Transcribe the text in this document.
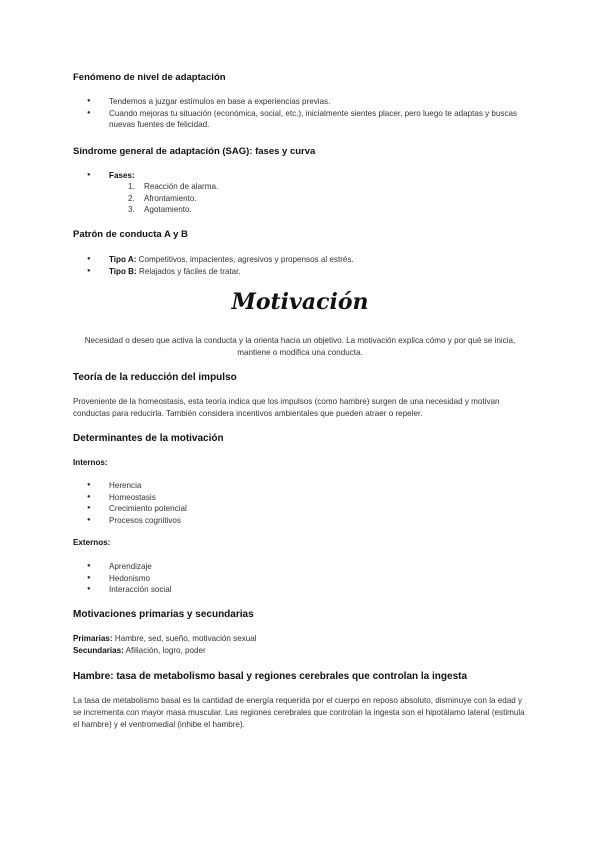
Fenómeno de nivel de adaptación

● Tendemos a juzgar estímulos en base a experiencias previas.
● Cuando mejoras tu situación (económica, social, etc.), inicialmente sientes placer, pero luego te adaptas y buscas nuevas fuentes de felicidad.

Síndrome general de adaptación (SAG): fases y curva

● Fases:
1. Reacción de alarma.
2. Afrontamiento.
3. Agotamiento.

Patrón de conducta A y B

● Tipo A: Competitivos, impacientes, agresivos y propensos al estrés.
● Tipo B: Relajados y fáciles de tratar.
Motivación

Necesidad o deseo que activa la conducta y la orienta hacia un objetivo. La motivación explica cómo y por qué se inicia, mantiene o modifica una conducta.

Teoría de la reducción del impulso

Proveniente de la homeostasis, esta teoría indica que los impulsos (como hambre) surgen de una necesidad y motivan conductas para reducirla. También considera incentivos ambientales que pueden atraer o repeler.

Determinantes de la motivación

Internos:

● Herencia
● Homeostasis
● Crecimiento potencial
● Procesos cognitivos

Externos:

● Aprendizaje
● Hedonismo
● Interacción social

Motivaciones primarias y secundarias

Primarias: Hambre, sed, sueño, motivación sexual

Secundarias: Afiliación, logro, poder

Hambre: tasa de metabolismo basal y regiones cerebrales que controlan la ingesta

La tasa de metabolismo basal es la cantidad de energía requerida por el cuerpo en reposo absoluto, disminuye con la edad y se incrementa con mayor masa muscular. Las regiones cerebrales que controlan la ingesta son el hipotálamo lateral (estimula el hambre) y el ventromedial (inhibe el hambre).
